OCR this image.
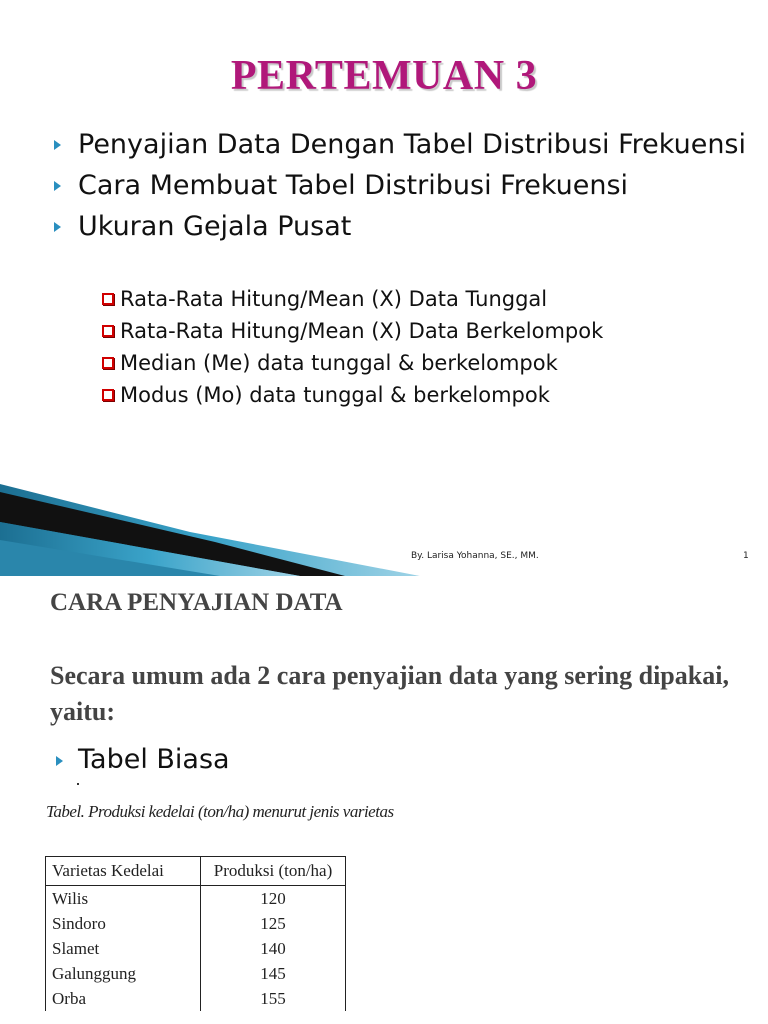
PERTEMUAN 3
Penyajian Data Dengan Tabel Distribusi Frekuensi
Cara Membuat Tabel Distribusi Frekuensi
Ukuran Gejala Pusat
Rata-Rata Hitung/Mean (X) Data Tunggal
Rata-Rata Hitung/Mean (X) Data Berkelompok
Median (Me) data tunggal & berkelompok
Modus (Mo) data tunggal & berkelompok
By. Larisa Yohanna, SE., MM.	1
CARA PENYAJIAN DATA
Secara umum ada 2 cara penyajian data yang sering dipakai, yaitu:
Tabel Biasa
Tabel. Produksi kedelai (ton/ha) menurut jenis varietas
Varietas Kedelai	Produksi (ton/ha)
Wilis	120
Sindoro	125
Slamet	140
Galunggung	145
Orba	155
